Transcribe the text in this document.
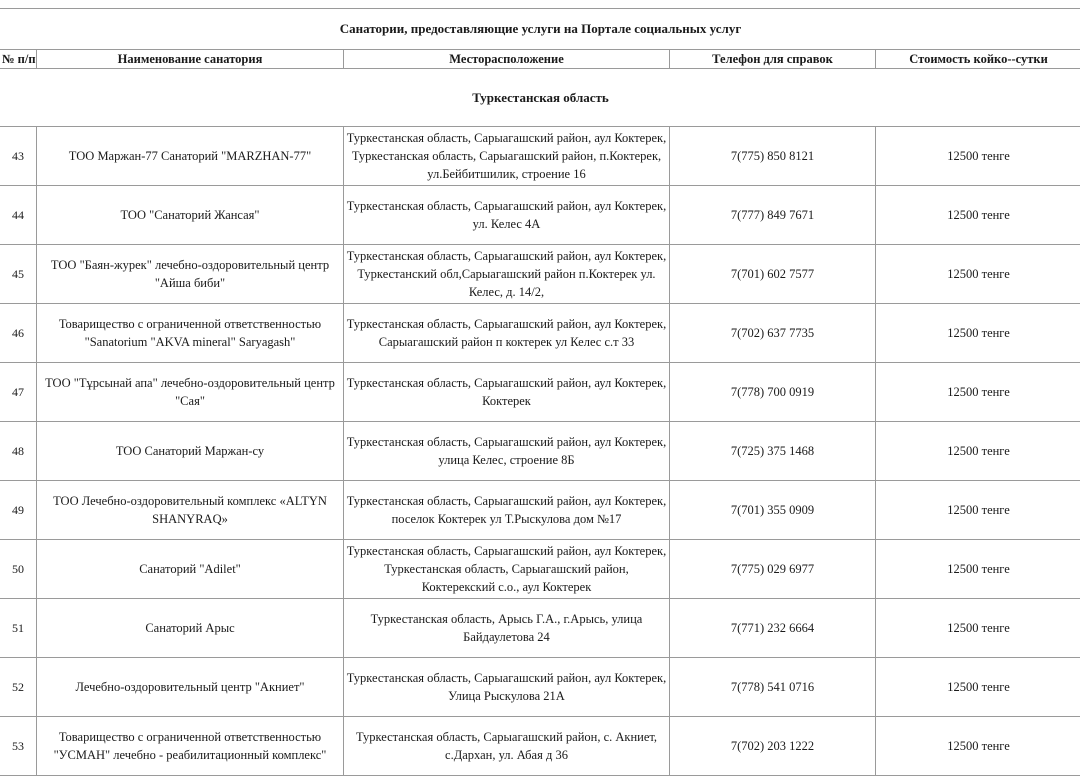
Санатории, предоставляющие услуги на Портале социальных услуг				
№ п/п	Наименование санатория	Месторасположение	Телефон для справок	Стоимость койко--сутки
Туркестанская область				
43	ТОО Маржан-77 Санаторий "MARZHAN-77"	Туркестанская область, Сарыагашский район, аул Коктерек, Туркестанская область, Сарыагашский район, п.Коктерек, ул.Бейбитшилик, строение 16	7(775) 850 8121	12500 тенге
44	ТОО "Санаторий Жансая"	Туркестанская область, Сарыагашский район, аул Коктерек, ул. Келес 4А	7(777) 849 7671	12500 тенге
45	ТОО "Баян-журек" лечебно-оздоровительный центр "Айша биби"	Туркестанская область, Сарыагашский район, аул Коктерек, Туркестанский обл,Сарыагашский район п.Коктерек ул. Келес, д. 14/2,	7(701) 602 7577	12500 тенге
46	Товарищество с ограниченной ответственностью "Sanatorium "AKVA mineral" Saryagash"	Туркестанская область, Сарыагашский район, аул Коктерек, Сарыагашский район п коктерек ул Келес с.т 33	7(702) 637 7735	12500 тенге
47	ТОО "Тұрсынай апа" лечебно-оздоровительный центр "Сая"	Туркестанская область, Сарыагашский район, аул Коктерек, Коктерек	7(778) 700 0919	12500 тенге
48	ТОО Санаторий Маржан-су	Туркестанская область, Сарыагашский район, аул Коктерек, улица Келес, строение 8Б	7(725) 375 1468	12500 тенге
49	ТОО Лечебно-оздоровительный комплекс «ALTYN SHANYRAQ»	Туркестанская область, Сарыагашский район, аул Коктерек, поселок Коктерек ул Т.Рыскулова дом №17	7(701) 355 0909	12500 тенге
50	Санаторий "Adilet"	Туркестанская область, Сарыагашский район, аул Коктерек, Туркестанская область, Сарыагашский район, Коктерекский с.о., аул Коктерек	7(775) 029 6977	12500 тенге
51	Санаторий Арыс	Туркестанская область, Арысь Г.А., г.Арысь, улица Байдаулетова 24	7(771) 232 6664	12500 тенге
52	Лечебно-оздоровительный центр "Акниет"	Туркестанская область, Сарыагашский район, аул Коктерек, Улица Рыскулова 21А	7(778) 541 0716	12500 тенге
53	Товарищество с ограниченной ответственностью "УСМАН" лечебно - реабилитационный комплекс"	Туркестанская область, Сарыагашский район, с. Акниет, с.Дархан, ул. Абая д 36	7(702) 203 1222	12500 тенге
